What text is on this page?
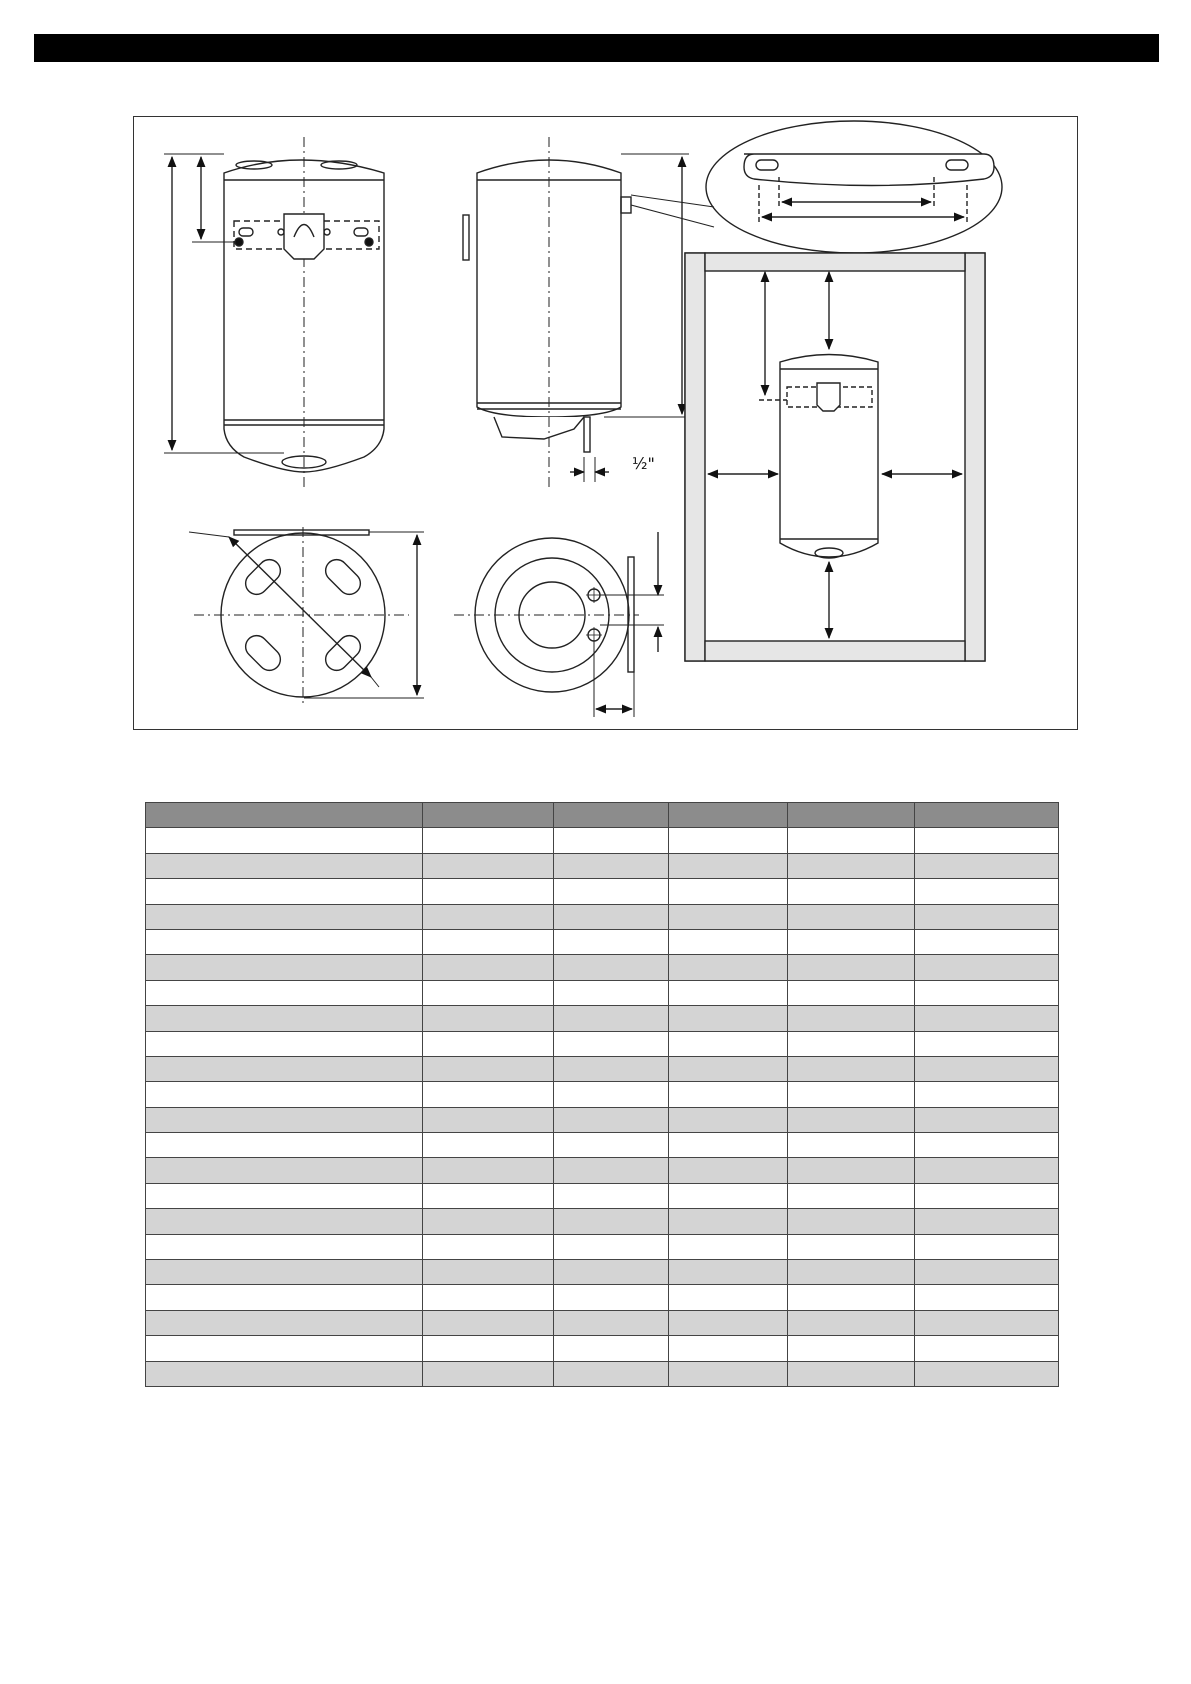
½"
